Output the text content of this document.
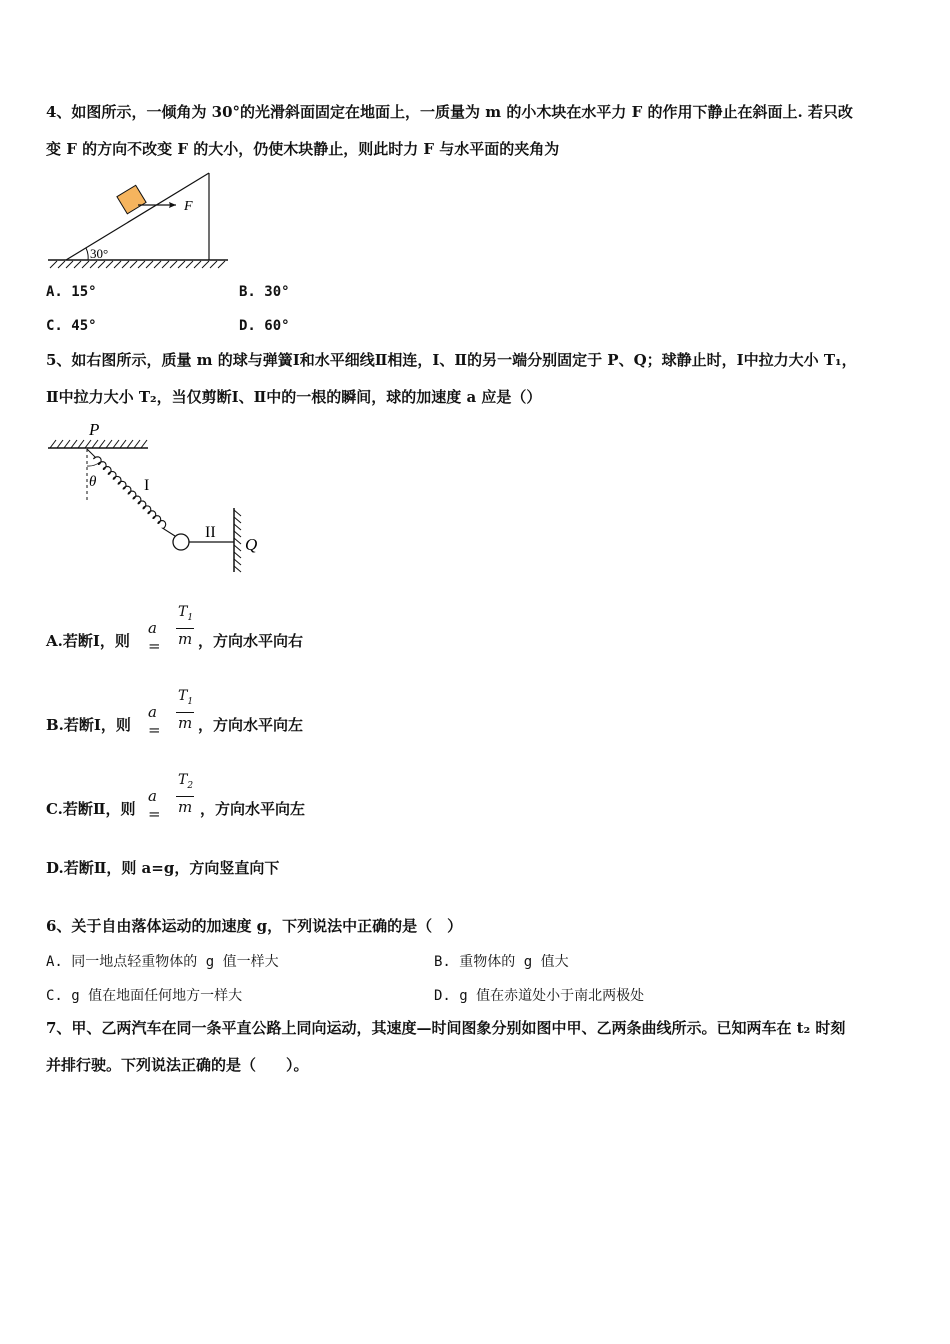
4、如图所示，一倾角为 30°的光滑斜面固定在地面上，一质量为 m 的小木块在水平力 F 的作用下静止在斜面上. 若只改
变 F 的方向不改变 F 的大小，仍使木块静止，则此时力 F 与水平面的夹角为
30°
F
A. 15°	B. 30°
C. 45°	D. 60°
5、如右图所示，质量 m 的球与弹簧Ⅰ和水平细线Ⅱ相连，Ⅰ、Ⅱ的另一端分别固定于 P、Q；球静止时，Ⅰ中拉力大小 T₁，
Ⅱ中拉力大小 T₂，当仅剪断Ⅰ、Ⅱ中的一根的瞬间，球的加速度 a 应是（）
P
θ	I
II
Q
A.若断Ⅰ，则
a =
$T_1$
m ，方向水平向右
B.若断Ⅰ，则
a =
$T_1$
m ，方向水平向左
C.若断Ⅱ，则
a =
$T_2$
m ，方向水平向左
D.若断Ⅱ，则 a=g，方向竖直向下
6、关于自由落体运动的加速度 g，下列说法中正确的是（　）
A. 同一地点轻重物体的 g 值一样大	B. 重物体的 g 值大
C. g 值在地面任何地方一样大	D. g 值在赤道处小于南北两极处
7、甲、乙两汽车在同一条平直公路上同向运动，其速度—时间图象分别如图中甲、乙两条曲线所示。已知两车在 t₂ 时刻
并排行驶。下列说法正确的是（　　）。
